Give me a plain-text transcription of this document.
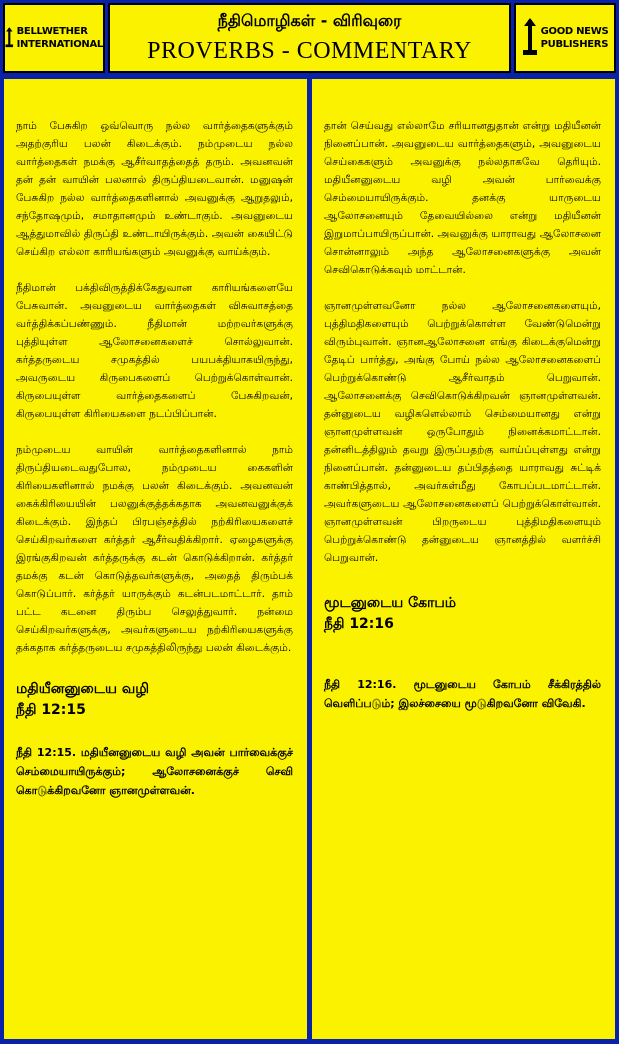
BELLWETHER
INTERNATIONAL
நீதிமொழிகள் - விரிவுரை
PROVERBS - COMMENTARY
GOOD NEWS
PUBLISHERS

நாம் பேசுகிற ஒவ்வொரு நல்ல வார்த்தைகளுக்கும் அதற்குரிய பலன் கிடைக்கும். நம்முடைய நல்ல வார்த்தைகள் நமக்கு ஆசீர்வாதத்தைத் தரும். அவனவன் தன் தன் வாயின் பலனால் திருப்தியடைவான். மனுஷன் பேசுகிற நல்ல வார்த்தைகளினால் அவனுக்கு ஆறுதலும், சந்தோஷமும், சமாதானமும் உண்டாகும். அவனுடைய ஆத்துமாவில் திருப்தி உண்டாயிருக்கும். அவன் கையிட்டு செய்கிற எல்லா காரியங்களும் அவனுக்கு வாய்க்கும்.

நீதிமான் பக்திவிருத்திக்கேதுவான காரியங்களையே பேசுவான். அவனுடைய வார்த்தைகள் விசுவாசத்தை வர்த்திக்கப்பண்ணும். நீதிமான் மற்றவர்களுக்கு புத்தியுள்ள ஆலோசனைகளைச் சொல்லுவான். கர்த்தருடைய சமுகத்தில் பயபக்தியாகயிருந்து, அவருடைய கிருபைகளைப் பெற்றுக்கொள்வான். கிருபையுள்ள வார்த்தைகளைப் பேசுகிறவன், கிருபையுள்ள கிரியைகளை நடப்பிப்பான்.

நம்முடைய வாயின் வார்த்தைகளினால் நாம் திருப்தியடைவதுபோல, நம்முடைய கைகளின் கிரியைகளினால் நமக்கு பலன் கிடைக்கும். அவனவன் கைக்கிரியையின் பலனுக்குத்தக்கதாக அவனவனுக்குக் கிடைக்கும். இந்தப் பிரபஞ்சத்தில் நற்கிரியைகளைச் செய்கிறவர்களை கர்த்தர் ஆசீர்வதிக்கிறார். ஏழைகளுக்கு இரங்குகிறவன் கர்த்தருக்கு கடன் கொடுக்கிறான். கர்த்தர் தமக்கு கடன் கொடுத்தவர்களுக்கு, அதைத் திரும்பக் கொடுப்பார். கர்த்தர் யாருக்கும் கடன்படமாட்டார். தாம் பட்ட கடனை திரும்ப செலுத்துவார். நன்மை செய்கிறவர்களுக்கு, அவர்களுடைய நற்கிரியைகளுக்கு தக்கதாக கர்த்தருடைய சமுகத்திலிருந்து பலன் கிடைக்கும்.

மதியீனனுடைய வழி
நீதி 12:15
நீதி 12:15. மதியீனனுடைய வழி அவன் பார்வைக்குச் செம்மையாயிருக்கும்; ஆலோசனைக்குச் செவி கொடுக்கிறவனோ ஞானமுள்ளவன்.

தான் செய்வது எல்லாமே சரியானதுதான் என்று மதியீனன் நினைப்பான். அவனுடைய வார்த்தைகளும், அவனுடைய செய்கைகளும் அவனுக்கு நல்லதாகவே தெரியும். மதியீனனுடைய வழி அவன் பார்வைக்கு செம்மையாயிருக்கும். தனக்கு யாருடைய ஆலோசனையும் தேவையில்லை என்று மதியீனன் இறுமாப்பாயிருப்பான். அவனுக்கு யாராவது ஆலோசனை சொன்னாலும் அந்த ஆலோசனைகளுக்கு அவன் செவிகொடுக்கவும் மாட்டான்.

ஞானமுள்ளவனோ நல்ல ஆலோசனைகளையும், புத்திமதிகளையும் பெற்றுக்கொள்ள வேண்டுமென்று விரும்புவான். ஞானஆலோசனை எங்கு கிடைக்குமென்று தேடிப் பார்த்து, அங்கு போய் நல்ல ஆலோசனைகளைப் பெற்றுக்கொண்டு ஆசீர்வாதம் பெறுவான். ஆலோசனைக்கு செவிகொடுக்கிறவன் ஞானமுள்ளவன். தன்னுடைய வழிகளெல்லாம் செம்மையானது என்று ஞானமுள்ளவன் ஒருபோதும் நினைக்கமாட்டான். தன்னிடத்திலும் தவறு இருப்பதற்கு வாய்ப்புள்ளது என்று நினைப்பான். தன்னுடைய தப்பிதத்தை யாராவது சுட்டிக் காண்பித்தால், அவர்கள்மீது கோபப்படமாட்டான். அவர்களுடைய ஆலோசனைகளைப் பெற்றுக்கொள்வான். ஞானமுள்ளவன் பிறருடைய புத்திமதிகளையும் பெற்றுக்கொண்டு தன்னுடைய ஞானத்தில் வளர்ச்சி பெறுவான்.

மூடனுடைய கோபம்
நீதி 12:16
நீதி 12:16. மூடனுடைய கோபம் சீக்கிரத்தில் வெளிப்படும்; இலச்சையை மூடுகிறவனோ விவேகி.
